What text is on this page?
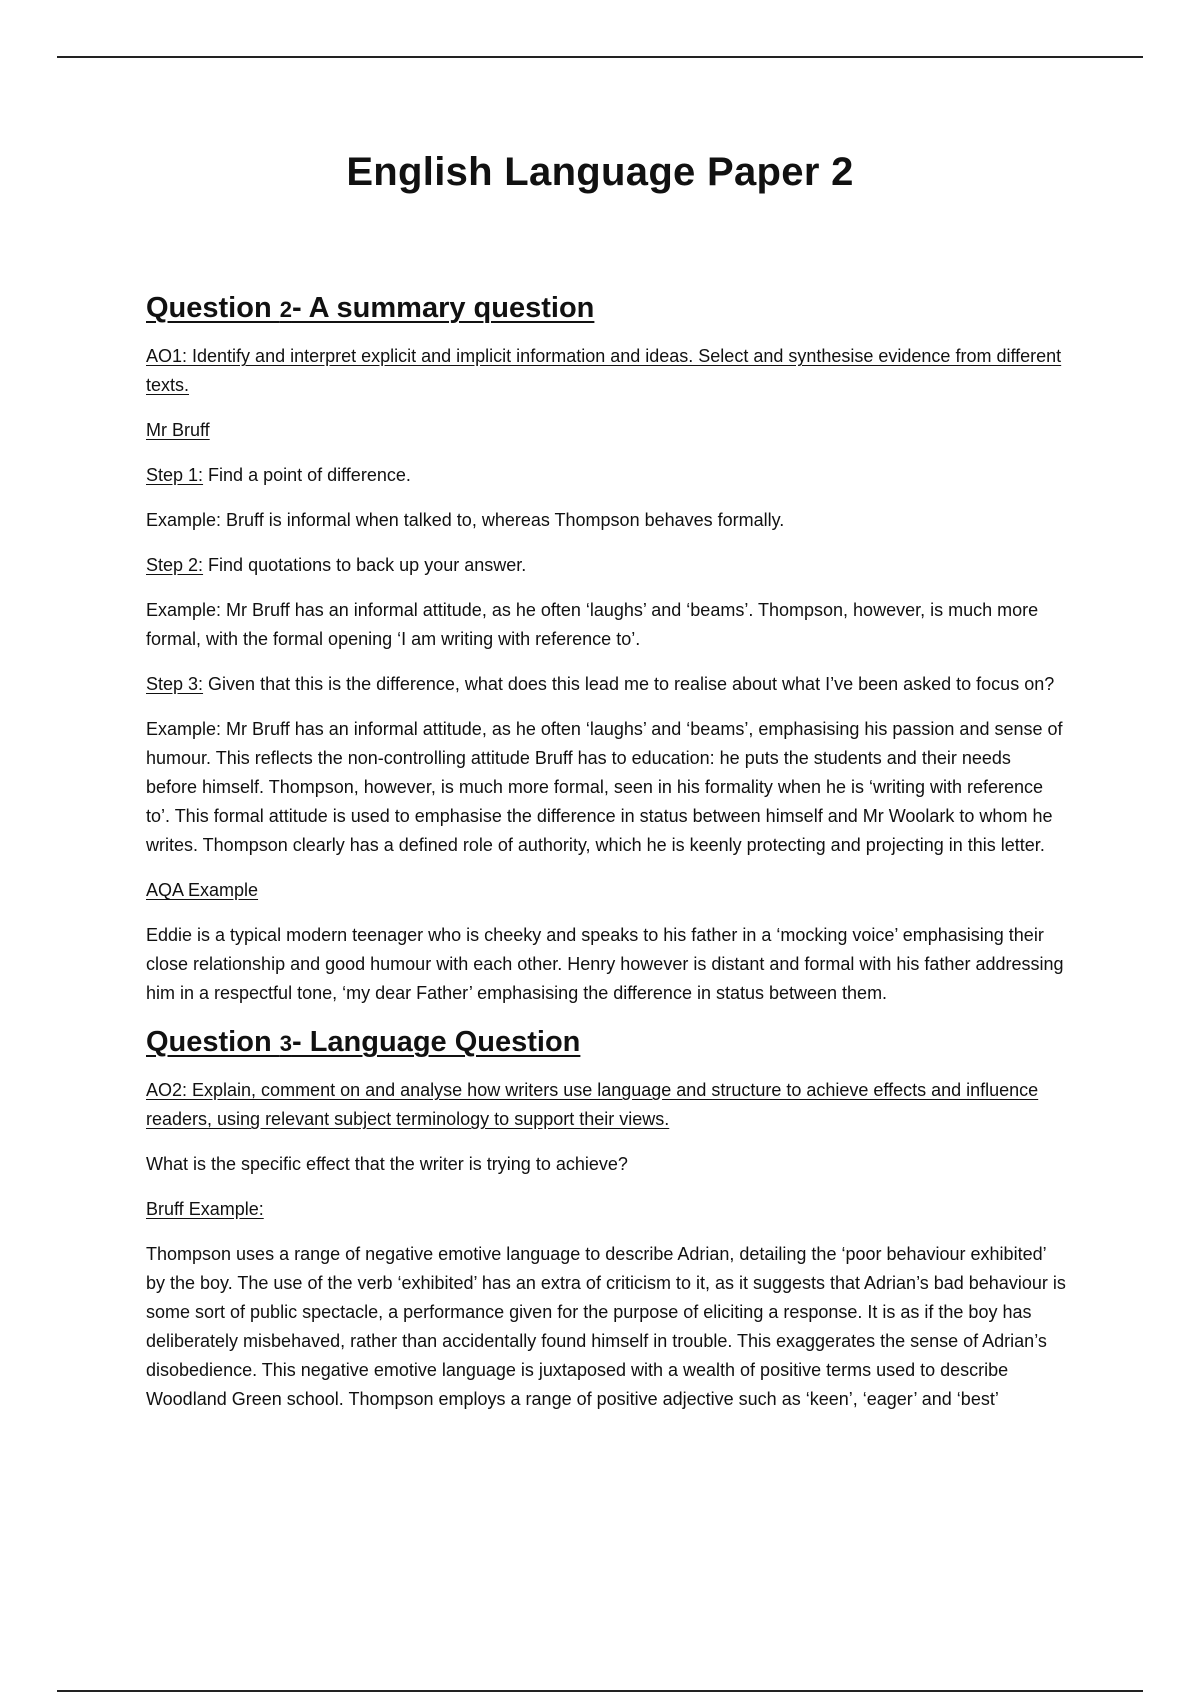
English Language Paper 2
Question 2- A summary question

AO1: Identify and interpret explicit and implicit information and ideas. Select and synthesise evidence from different texts.

Mr Bruff

Step 1: Find a point of difference.

Example: Bruff is informal when talked to, whereas Thompson behaves formally.

Step 2: Find quotations to back up your answer.

Example: Mr Bruff has an informal attitude, as he often ‘laughs’ and ‘beams’. Thompson, however, is much more formal, with the formal opening ‘I am writing with reference to’.

Step 3: Given that this is the difference, what does this lead me to realise about what I’ve been asked to focus on?

Example: Mr Bruff has an informal attitude, as he often ‘laughs’ and ‘beams’, emphasising his passion and sense of humour. This reflects the non-controlling attitude Bruff has to education: he puts the students and their needs before himself. Thompson, however, is much more formal, seen in his formality when he is ‘writing with reference to’. This formal attitude is used to emphasise the difference in status between himself and Mr Woolark to whom he writes. Thompson clearly has a defined role of authority, which he is keenly protecting and projecting in this letter.

AQA Example

Eddie is a typical modern teenager who is cheeky and speaks to his father in a ‘mocking voice’ emphasising their close relationship and good humour with each other. Henry however is distant and formal with his father addressing him in a respectful tone, ‘my dear Father’ emphasising the difference in status between them.

Question 3- Language Question

AO2: Explain, comment on and analyse how writers use language and structure to achieve effects and influence readers, using relevant subject terminology to support their views.

What is the specific effect that the writer is trying to achieve?

Bruff Example:

Thompson uses a range of negative emotive language to describe Adrian, detailing the ‘poor behaviour exhibited’ by the boy. The use of the verb ‘exhibited’ has an extra of criticism to it, as it suggests that Adrian’s bad behaviour is some sort of public spectacle, a performance given for the purpose of eliciting a response. It is as if the boy has deliberately misbehaved, rather than accidentally found himself in trouble. This exaggerates the sense of Adrian’s disobedience. This negative emotive language is juxtaposed with a wealth of positive terms used to describe Woodland Green school. Thompson employs a range of positive adjective such as ‘keen’, ‘eager’ and ‘best’
